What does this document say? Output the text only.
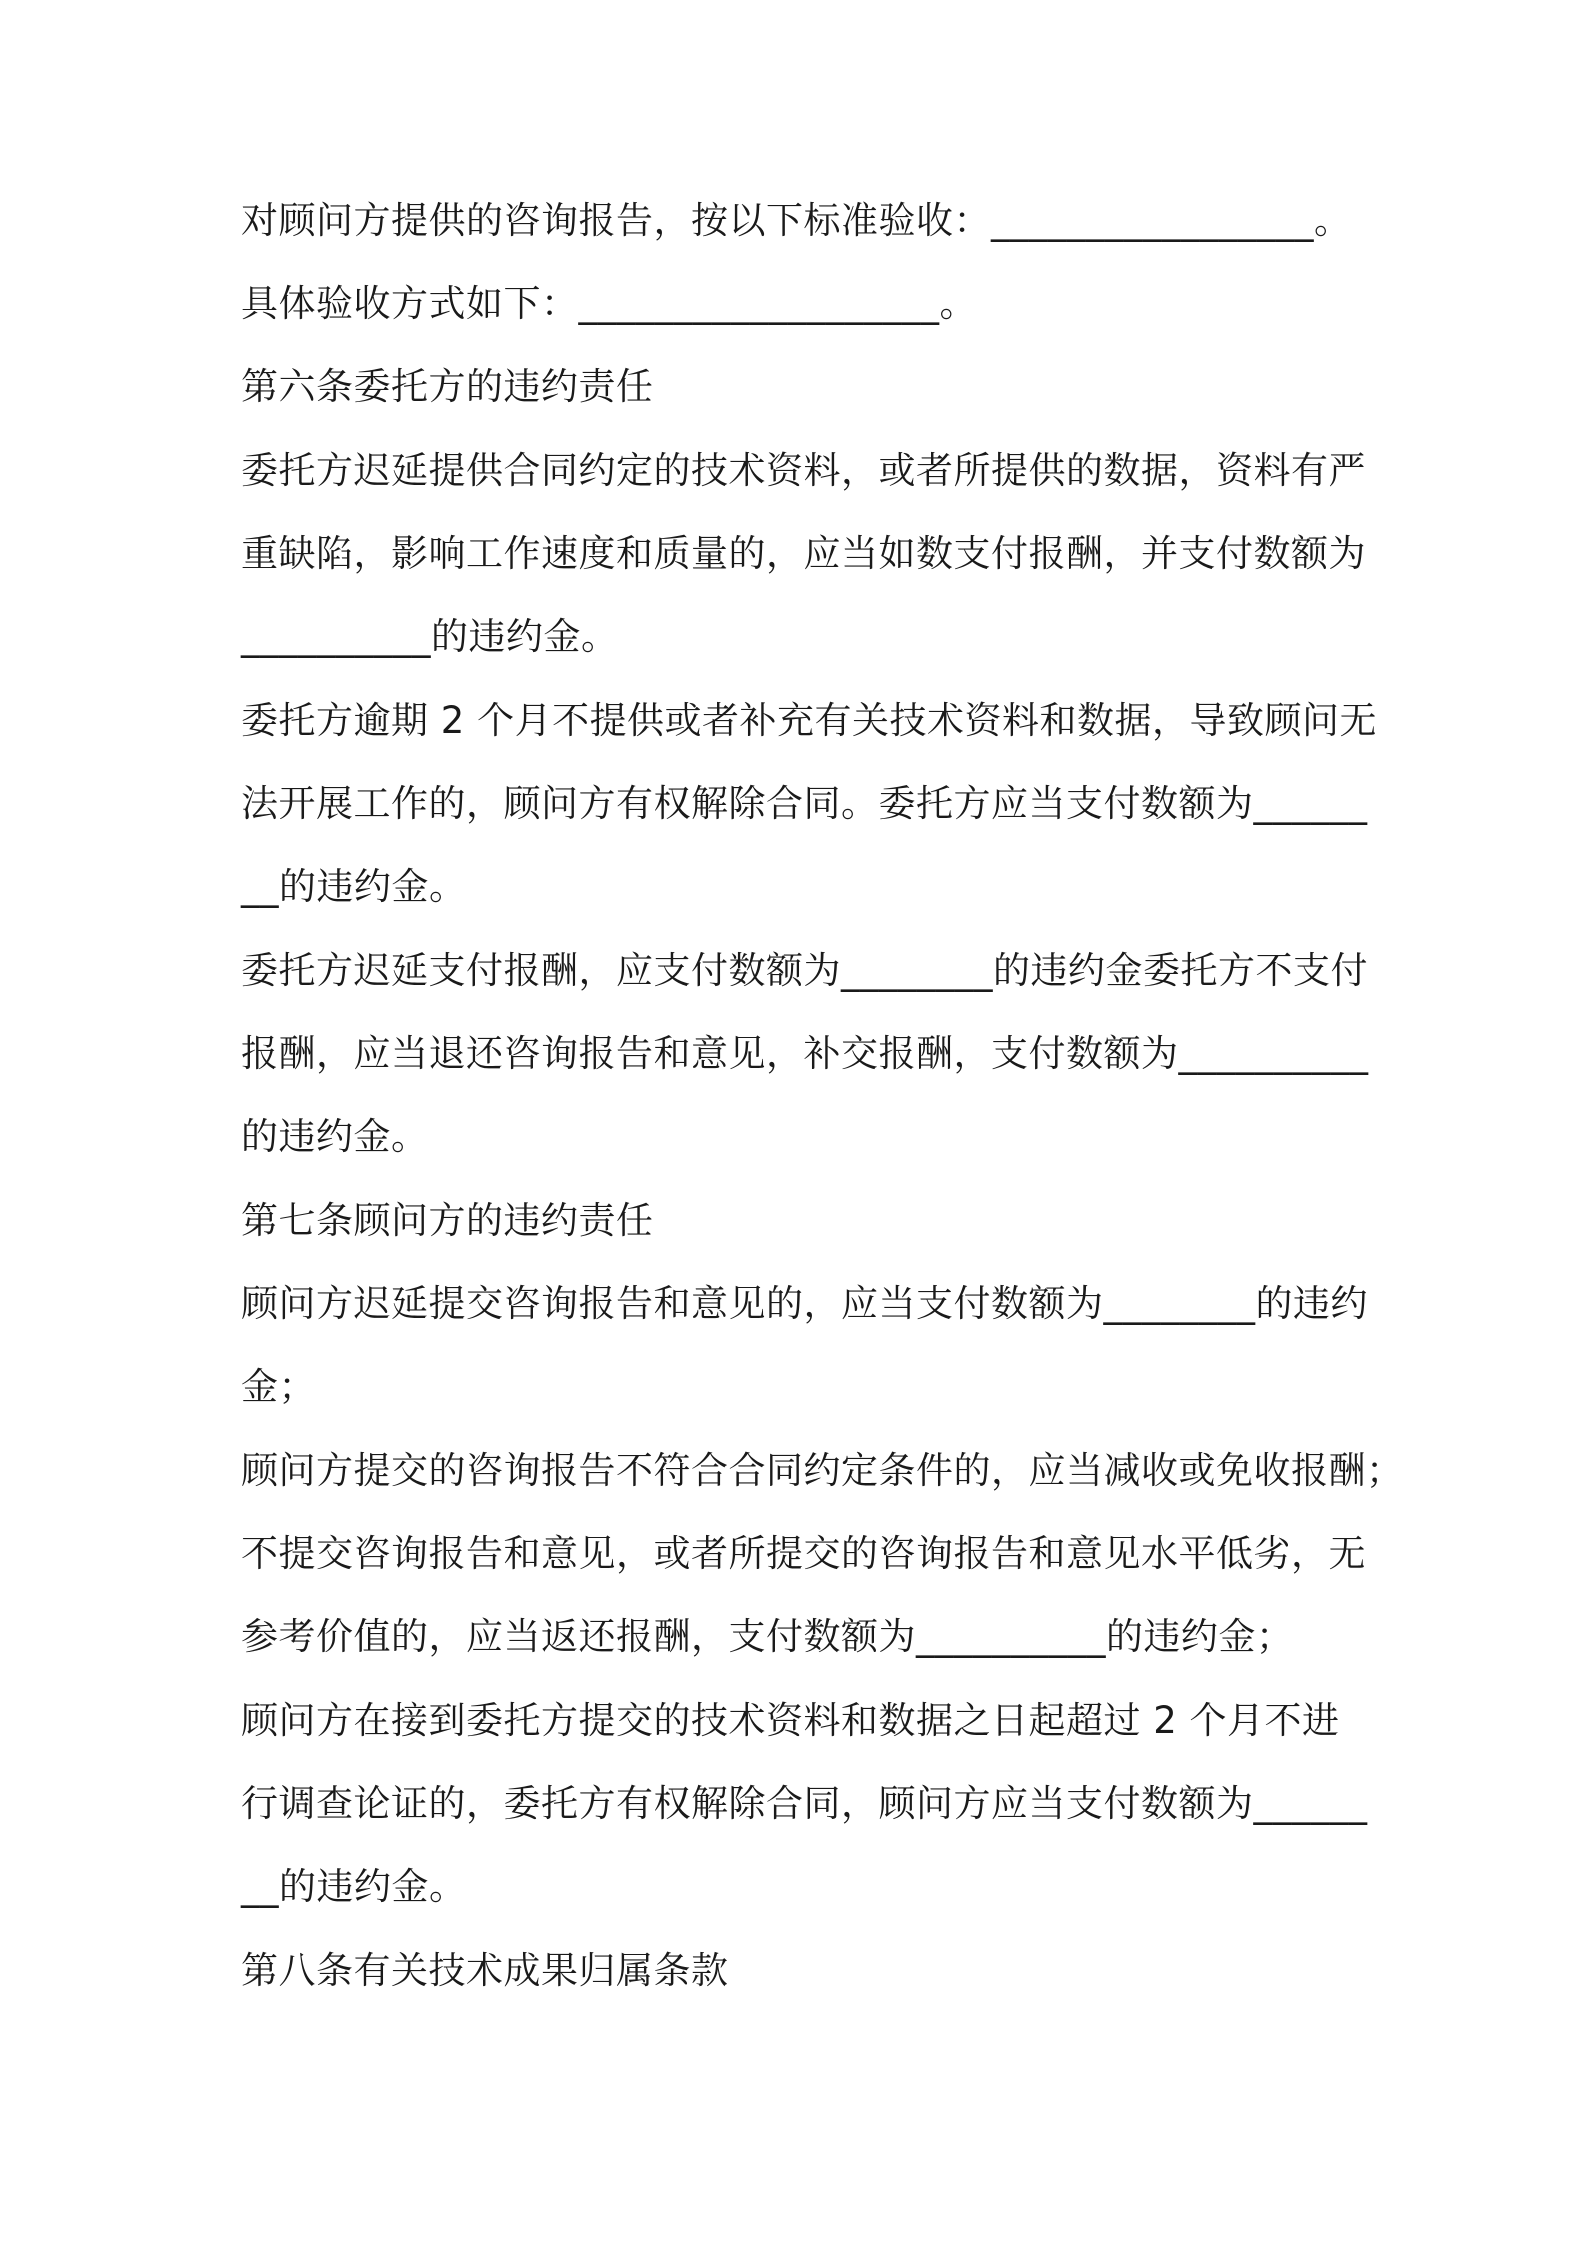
对顾问方提供的咨询报告，按以下标准验收：_________________。
具体验收方式如下：___________________。
第六条委托方的违约责任
委托方迟延提供合同约定的技术资料，或者所提供的数据，资料有严
重缺陷，影响工作速度和质量的，应当如数支付报酬，并支付数额为
__________的违约金。
委托方逾期 2 个月不提供或者补充有关技术资料和数据，导致顾问无
法开展工作的，顾问方有权解除合同。委托方应当支付数额为______
__的违约金。
委托方迟延支付报酬，应支付数额为________的违约金委托方不支付
报酬，应当退还咨询报告和意见，补交报酬，支付数额为__________
的违约金。
第七条顾问方的违约责任
顾问方迟延提交咨询报告和意见的，应当支付数额为________的违约
金；
顾问方提交的咨询报告不符合合同约定条件的，应当减收或免收报酬；
不提交咨询报告和意见，或者所提交的咨询报告和意见水平低劣，无
参考价值的，应当返还报酬，支付数额为__________的违约金；
顾问方在接到委托方提交的技术资料和数据之日起超过 2 个月不进
行调查论证的，委托方有权解除合同，顾问方应当支付数额为______
__的违约金。
第八条有关技术成果归属条款
